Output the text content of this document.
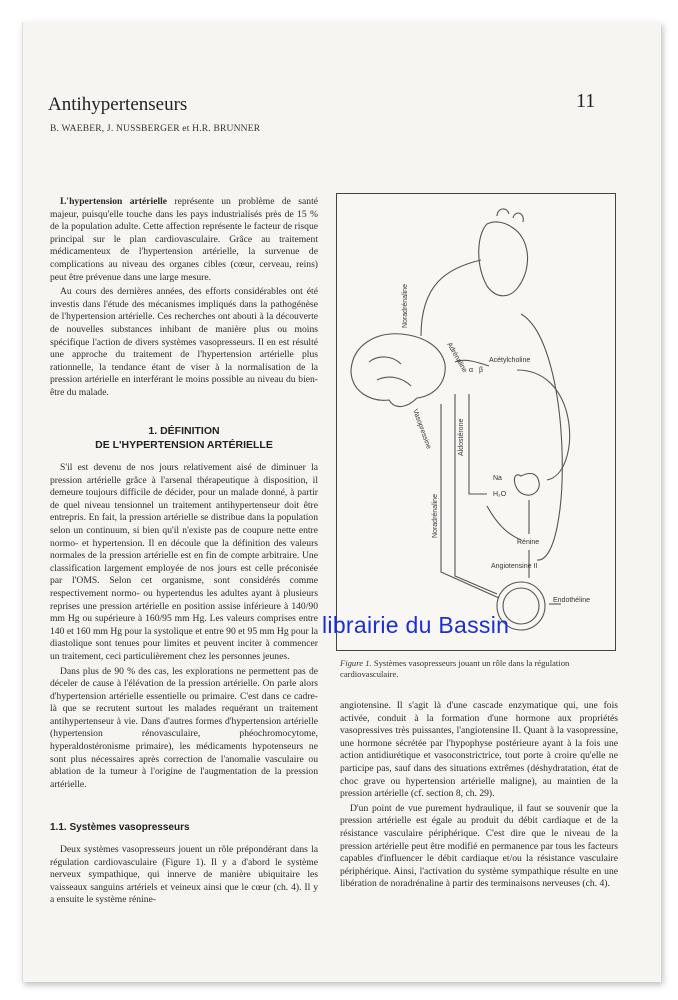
Antihypertenseurs	11
B. WAEBER, J. NUSSBERGER et H.R. BRUNNER

L'hypertension artérielle représente un problème de santé majeur, puisqu'elle touche dans les pays industrialisés près de 15 % de la population adulte. Cette affection représente le facteur de risque principal sur le plan cardiovasculaire. Grâce au traitement médicamenteux de l'hypertension artérielle, la survenue de complications au niveau des organes cibles (cœur, cerveau, reins) peut être prévenue dans une large mesure.

Au cours des dernières années, des efforts considérables ont été investis dans l'étude des mécanismes impliqués dans la pathogénèse de l'hypertension artérielle. Ces recherches ont abouti à la découverte de nouvelles substances inhibant de manière plus ou moins spécifique l'action de divers systèmes vasopresseurs. Il en est résulté une approche du traitement de l'hypertension artérielle plus rationnelle, la tendance étant de viser à la normalisation de la pression artérielle en interférant le moins possible au niveau du bien-être du malade.

1. DÉFINITION
DE L'HYPERTENSION ARTÉRIELLE

S'il est devenu de nos jours relativement aisé de diminuer la pression artérielle grâce à l'arsenal thérapeutique à disposition, il demeure toujours difficile de décider, pour un malade donné, à partir de quel niveau tensionnel un traitement antihypertenseur doit être entrepris. En fait, la pression artérielle se distribue dans la population selon un continuum, si bien qu'il n'existe pas de coupure nette entre normo- et hypertension. Il en découle que la définition des valeurs normales de la pression artérielle est en fin de compte arbitraire. Une classification largement employée de nos jours est celle préconisée par l'OMS. Selon cet organisme, sont considérés comme respectivement normo- ou hypertendus les adultes ayant à plusieurs reprises une pression artérielle en position assise inférieure à 140/90 mm Hg ou supérieure à 160/95 mm Hg. Les valeurs comprises entre 140 et 160 mm Hg pour la systolique et entre 90 et 95 mm Hg pour la diastolique sont tenues pour limites et peuvent inciter à commencer un traitement, ceci particulièrement chez les personnes jeunes.

Dans plus de 90 % des cas, les explorations ne permettent pas de déceler de cause à l'élévation de la pression artérielle. On parle alors d'hypertension artérielle essentielle ou primaire. C'est dans ce cadre-là que se recrutent surtout les malades requérant un traitement antihypertenseur à vie. Dans d'autres formes d'hypertension artérielle (hypertension rénovasculaire, phéochromocytome, hyperaldostéronisme primaire), les médicaments hypotenseurs ne sont plus nécessaires après correction de l'anomalie vasculaire ou ablation de la tumeur à l'origine de l'augmentation de la pression artérielle.

1.1. Systèmes vasopresseurs

Deux systèmes vasopresseurs jouent un rôle prépondérant dans la régulation cardiovasculaire (Figure 1). Il y a d'abord le système nerveux sympathique, qui innerve de manière ubiquitaire les vaisseaux sanguins artériels et veineux ainsi que le cœur (ch. 4). Il y a ensuite le système rénine-

Noradrénaline
Adrénaline	Acétylcholine
Vasopressine	Aldostérone
Noradrénaline
Na
H₂O
Rénine
Angiotensine II
Endothéline
α β
Figure 1. Systèmes vasopresseurs jouant un rôle dans la régulation cardiovasculaire.

angiotensine. Il s'agit là d'une cascade enzymatique qui, une fois activée, conduit à la formation d'une hormone aux propriétés vasopressives très puissantes, l'angiotensine II. Quant à la vasopressine, une hormone sécrétée par l'hypophyse postérieure ayant à la fois une action antidiurétique et vasoconstrictrice, tout porte à croire qu'elle ne participe pas, sauf dans des situations extrêmes (déshydratation, état de choc grave ou hypertension artérielle maligne), au maintien de la pression artérielle (cf. section 8, ch. 29).

D'un point de vue purement hydraulique, il faut se souvenir que la pression artérielle est égale au produit du débit cardiaque et de la résistance vasculaire périphérique. C'est dire que le niveau de la pression artérielle peut être modifié en permanence par tous les facteurs capables d'influencer le débit cardiaque et/ou la résistance vasculaire périphérique. Ainsi, l'activation du système sympathique résulte en une libération de noradrénaline à partir des terminaisons nerveuses (ch. 4).

librairie du Bassin
